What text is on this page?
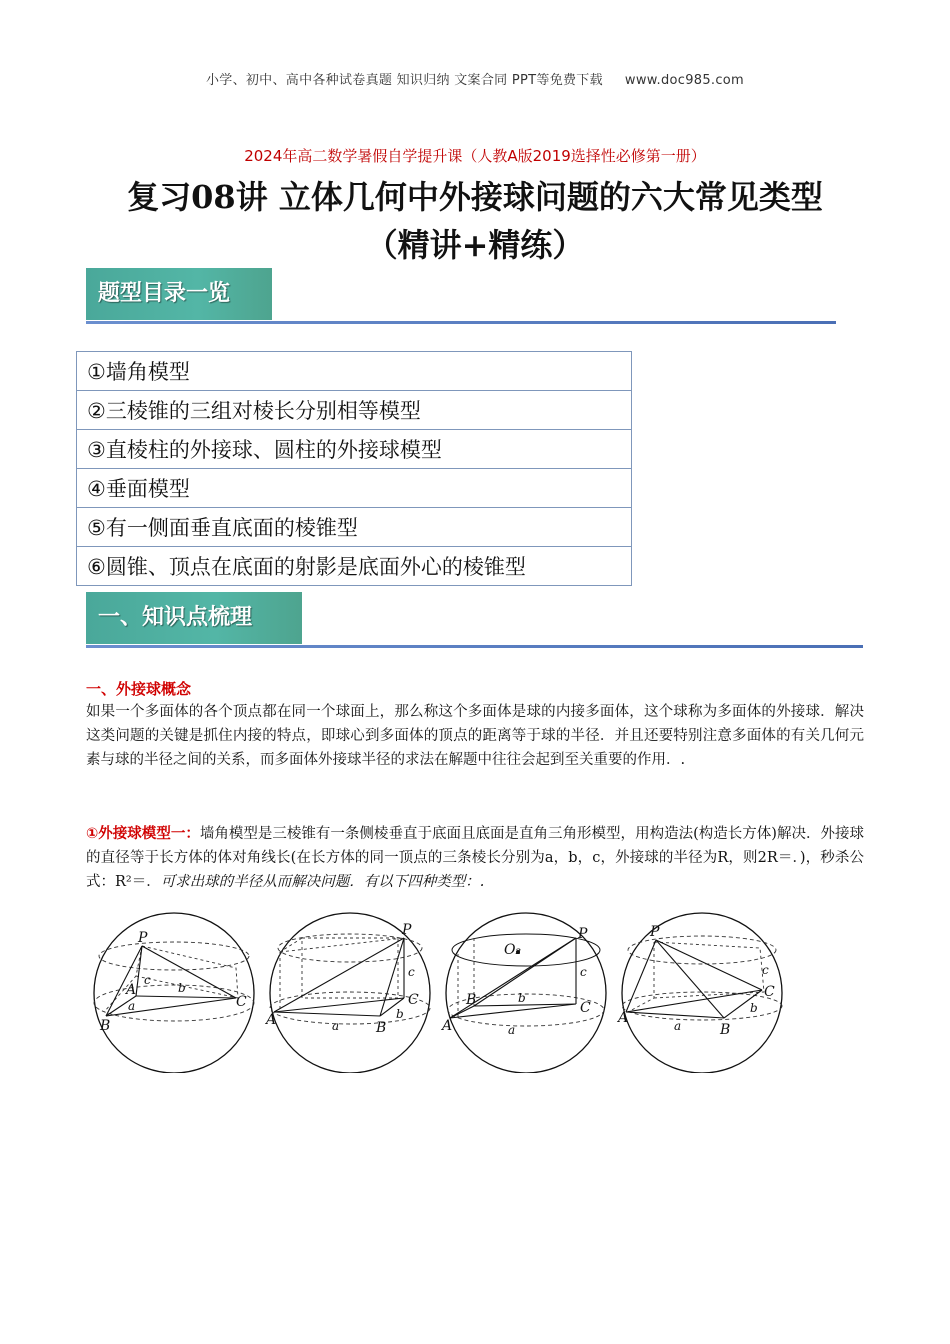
小学、初中、高中各种试卷真题 知识归纳 文案合同 PPT等免费下载 www.doc985.com
2024年高二数学暑假自学提升课（人教A版2019选择性必修第一册）
复习08讲 立体几何中外接球问题的六大常见类型
（精讲+精练）
题型目录一览
①墙角模型
②三棱锥的三组对棱长分别相等模型
③直棱柱的外接球、圆柱的外接球模型
④垂面模型
⑤有一侧面垂直底面的棱锥型
⑥圆锥、顶点在底面的射影是底面外心的棱锥型
一、知识点梳理
一、外接球概念
如果一个多面体的各个顶点都在同一个球面上，那么称这个多面体是球的内接多面体，这个球称为多面体的外接球．解决这类问题的关键是抓住内接的特点，即球心到多面体的顶点的距离等于球的半径．并且还要特别注意多面体的有关几何元素与球的半径之间的关系，而多面体外接球半径的求法在解题中往往会起到至关重要的作用．.
①外接球模型一：墙角模型是三棱锥有一条侧棱垂直于底面且底面是直角三角形模型，用构造法(构造长方体)解决．外接球的直径等于长方体的体对角线长(在长方体的同一顶点的三条棱长分别为a，b，c，外接球的半径为R，则2R＝．)，秒杀公式：R²＝．可求出球的半径从而解决问题．有以下四种类型：.
P
A
B
C
a
b
c
P
A	B
C
a
b
c
P
O₂
A
B	C
a
b
c
P
A
B
C
a
b
c
